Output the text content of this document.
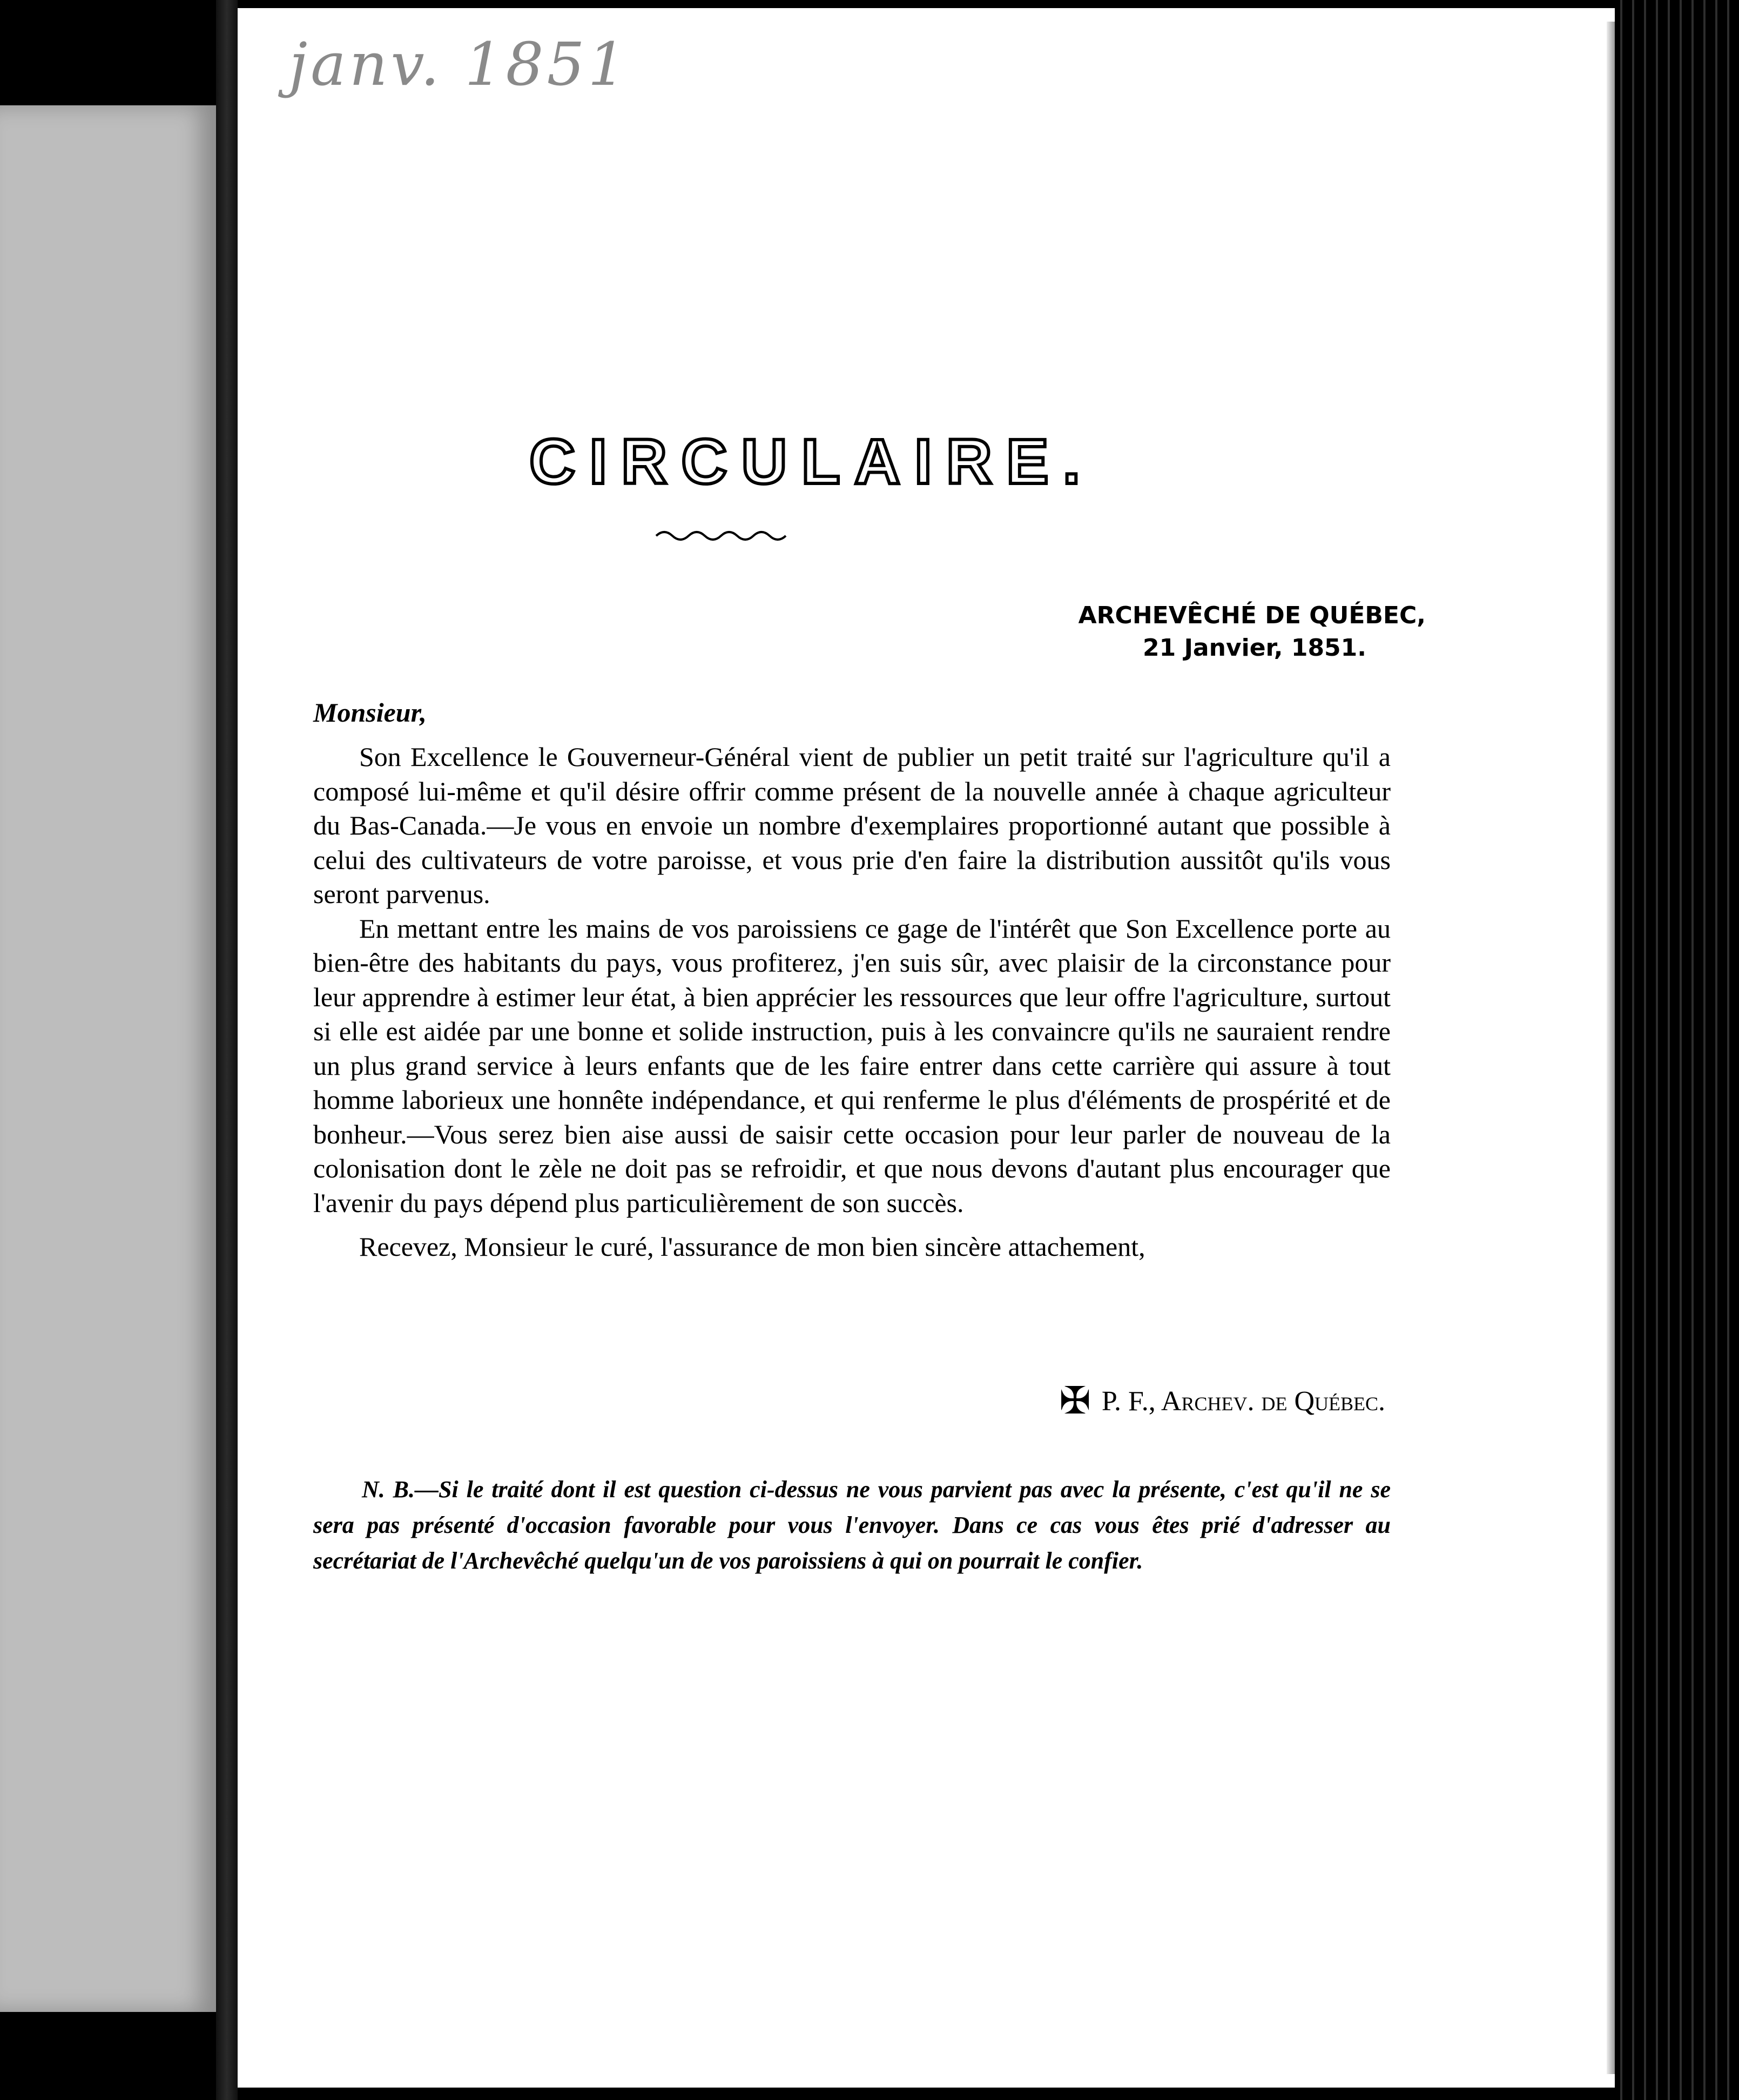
janv. 1851
CIRCULAIRE.
ARCHEVÊCHÉ DE QUÉBEC,
21 Janvier, 1851.
Monsieur,

Son Excellence le Gouverneur-Général vient de publier un petit traité sur l'agriculture qu'il a composé lui-même et qu'il désire offrir comme présent de la nouvelle année à chaque agriculteur du Bas-Canada.—Je vous en envoie un nombre d'exemplaires proportionné autant que possible à celui des cultivateurs de votre paroisse, et vous prie d'en faire la distribution aussitôt qu'ils vous seront parvenus.

En mettant entre les mains de vos paroissiens ce gage de l'intérêt que Son Excellence porte au bien-être des habitants du pays, vous profiterez, j'en suis sûr, avec plaisir de la circonstance pour leur apprendre à estimer leur état, à bien apprécier les ressources que leur offre l'agriculture, surtout si elle est aidée par une bonne et solide instruction, puis à les convaincre qu'ils ne sauraient rendre un plus grand service à leurs enfants que de les faire entrer dans cette carrière qui assure à tout homme laborieux une honnête indépendance, et qui renferme le plus d'éléments de prospérité et de bonheur.—Vous serez bien aise aussi de saisir cette occasion pour leur parler de nouveau de la colonisation dont le zèle ne doit pas se refroidir, et que nous devons d'autant plus encourager que l'avenir du pays dépend plus particulièrement de son succès.

Recevez, Monsieur le curé, l'assurance de mon bien sincère attachement,

✠ P. F., Archev. de Québec.
N. B.—Si le traité dont il est question ci-dessus ne vous parvient pas avec la présente, c'est qu'il ne se sera pas présenté d'occasion favorable pour vous l'envoyer. Dans ce cas vous êtes prié d'adresser au secrétariat de l'Archevêché quelqu'un de vos paroissiens à qui on pourrait le confier.
